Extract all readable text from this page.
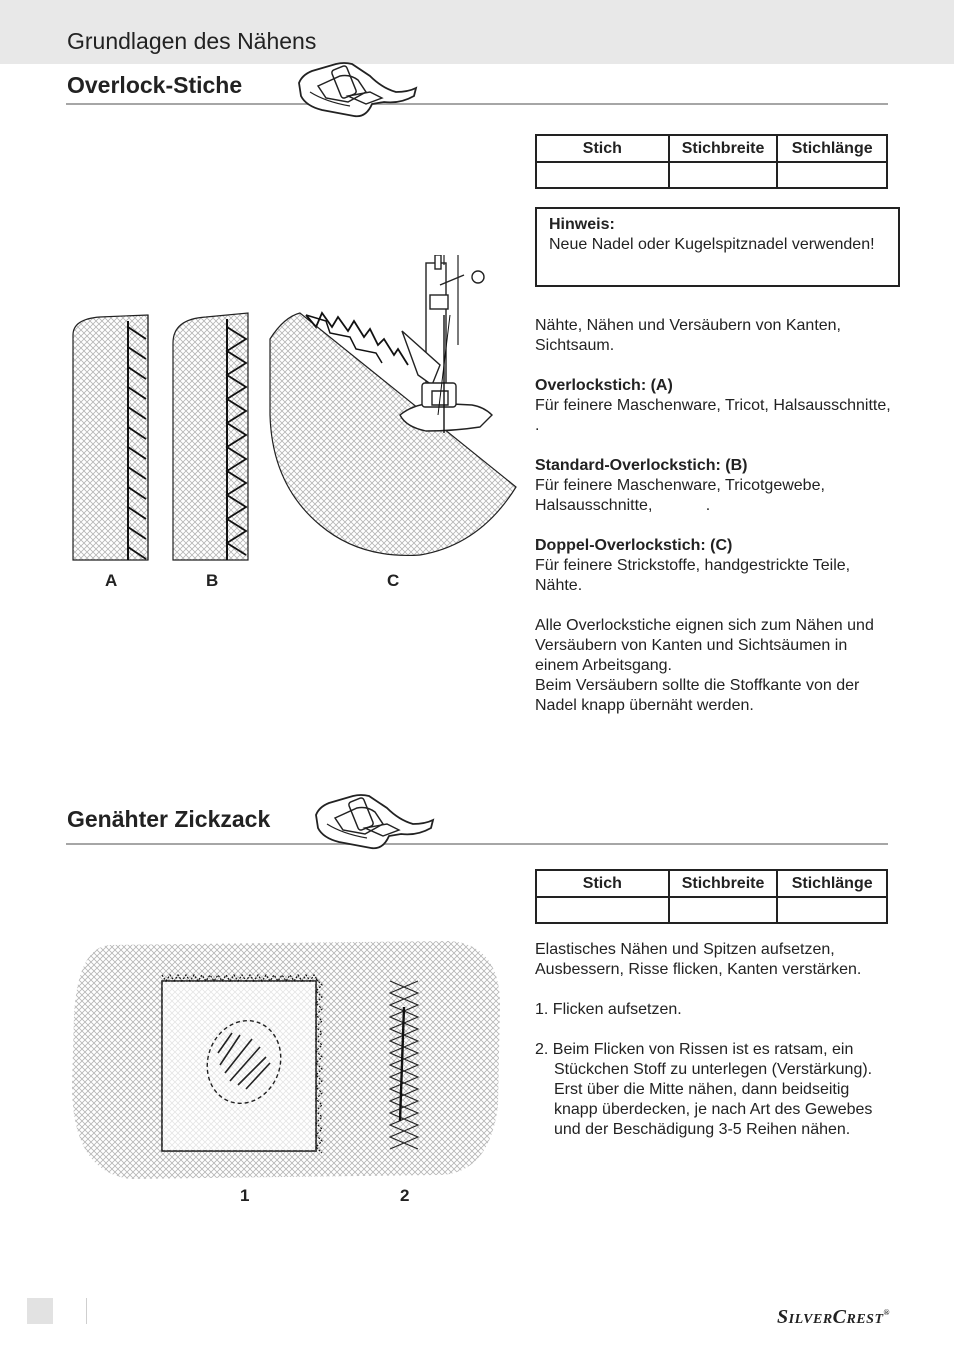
Grundlagen des Nähens
Overlock-Stiche
Stich	Stichbreite	Stichlänge

Hinweis:
Neue Nadel oder Kugelspitznadel verwenden!

Nähte, Nähen und Versäubern von Kanten, Sichtsaum.

Overlockstich: (A)
Für feinere Maschenware, Tricot, Halsausschnitte,            .

Standard-Overlockstich: (B)
Für feinere Maschenware, Tricotgewebe, Halsausschnitte,            .

Doppel-Overlockstich: (C)
Für feinere Strickstoffe, handgestrickte Teile, Nähte.

Alle Overlockstiche eignen sich zum Nähen und Versäubern von Kanten und Sichtsäumen in einem Arbeitsgang.

Beim Versäubern sollte die Stoffkante von der Nadel knapp übernäht werden.

A	B	C
Genähter Zickzack
Stich	Stichbreite	Stichlänge

Elastisches Nähen und Spitzen aufsetzen, Ausbessern, Risse flicken, Kanten verstärken.

1. Flicken aufsetzen.

2. Beim Flicken von Rissen ist es ratsam, ein Stückchen Stoff zu unterlegen (Verstärkung). Erst über die Mitte nähen, dann beidseitig knapp überdecken, je nach Art des Gewebes und der Beschädigung 3-5 Reihen nähen.

1	2
SILVERCREST®
